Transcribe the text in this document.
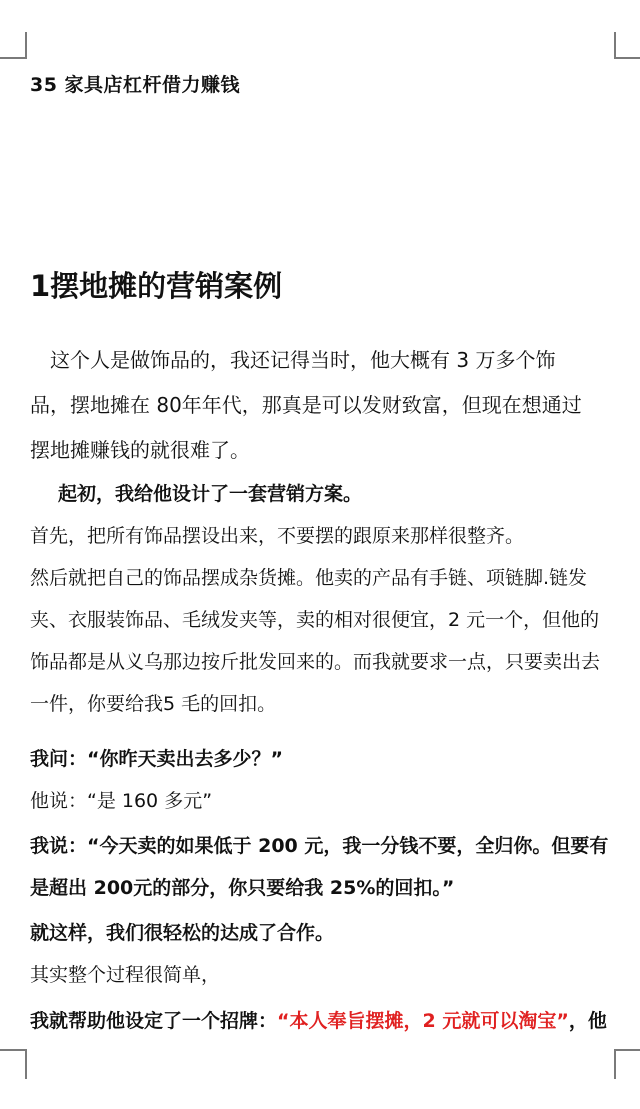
35 家具店杠杆借力赚钱
1摆地摊的营销案例
这个人是做饰品的，我还记得当时，他大概有 3 万多个饰
品，摆地摊在 80年年代，那真是可以发财致富，但现在想通过
摆地摊赚钱的就很难了。
起初，我给他设计了一套营销方案。
首先，把所有饰品摆设出来，不要摆的跟原来那样很整齐。
然后就把自己的饰品摆成杂货摊。他卖的产品有手链、项链脚.链发
夹、衣服装饰品、毛绒发夹等，卖的相对很便宜，2 元一个，但他的
饰品都是从义乌那边按斤批发回来的。而我就要求一点，只要卖出去
一件，你要给我5 毛的回扣。
我问：“你昨天卖出去多少？”
他说：“是 160 多元”
我说：“今天卖的如果低于 200 元，我一分钱不要，全归你。但要有
是超出 200元的部分，你只要给我 25%的回扣。”
就这样，我们很轻松的达成了合作。
其实整个过程很简单，
我就帮助他设定了一个招牌：“本人奉旨摆摊，2 元就可以淘宝”，他
